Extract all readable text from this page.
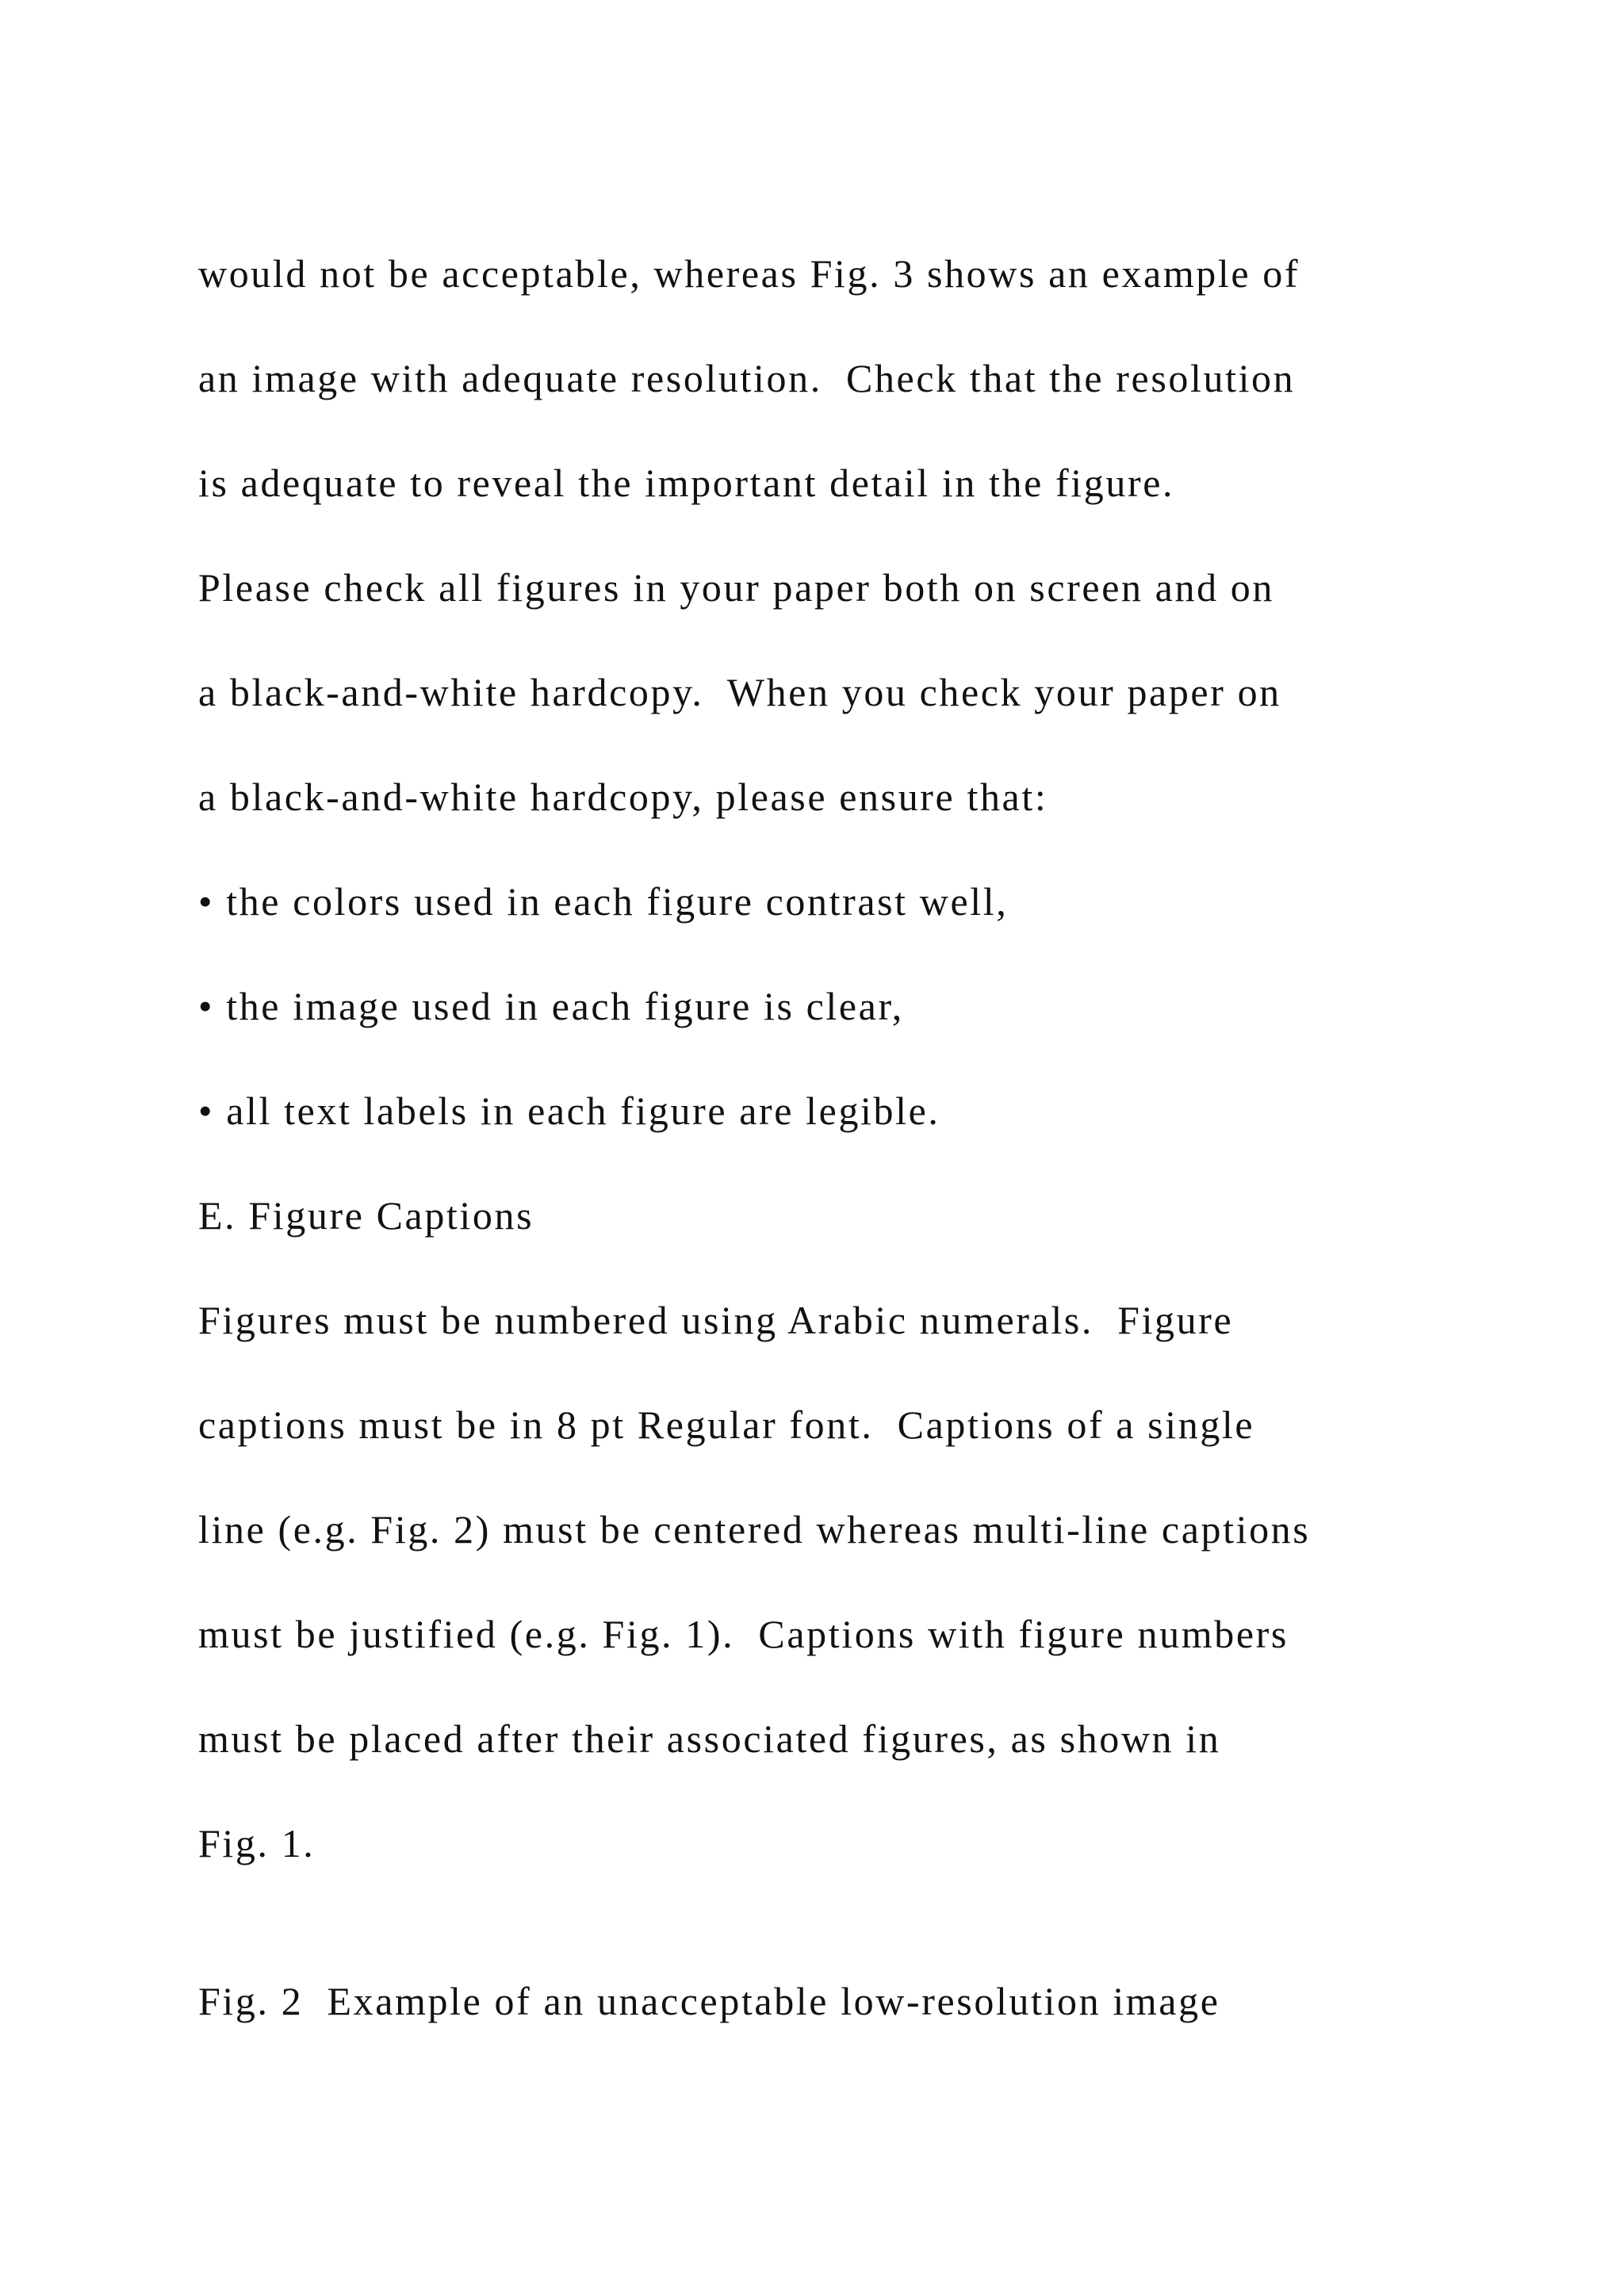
would not be acceptable, whereas Fig. 3 shows an example of

an image with adequate resolution.  Check that the resolution

is adequate to reveal the important detail in the figure.

Please check all figures in your paper both on screen and on

a black-and-white hardcopy.  When you check your paper on

a black-and-white hardcopy, please ensure that:

• the colors used in each figure contrast well,

• the image used in each figure is clear,

• all text labels in each figure are legible.

E. Figure Captions

Figures must be numbered using Arabic numerals.  Figure

captions must be in 8 pt Regular font.  Captions of a single

line (e.g. Fig. 2) must be centered whereas multi-line captions

must be justified (e.g. Fig. 1).  Captions with figure numbers

must be placed after their associated figures, as shown in

Fig. 1.

Fig. 2  Example of an unacceptable low-resolution image
